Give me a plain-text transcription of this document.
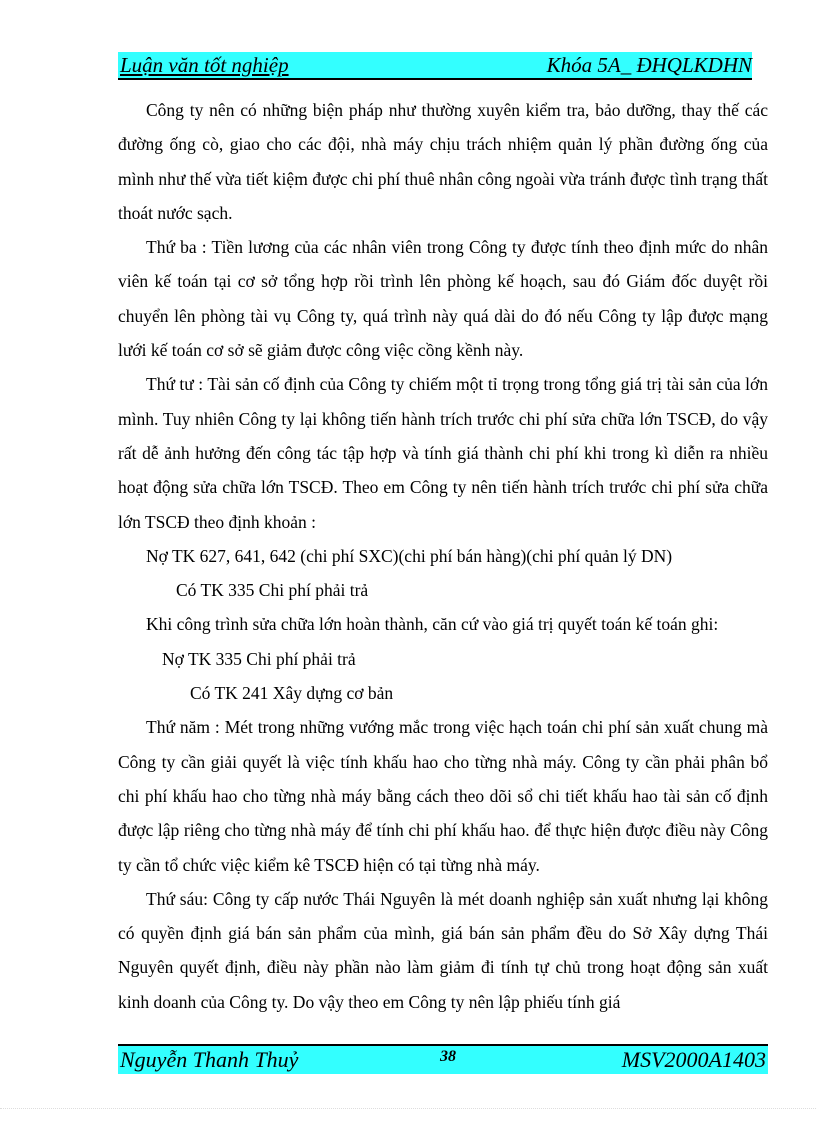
Luận văn tốt nghiệp	Khóa 5A_ ĐHQLKDHN

Công ty nên có những biện pháp như thường xuyên kiểm tra, bảo dưỡng, thay thế các đường ống cò, giao cho các đội, nhà máy chịu trách nhiệm quản lý phần đường ống của mình như thế vừa tiết kiệm được chi phí thuê nhân công ngoài vừa tránh được tình trạng thất thoát nước sạch.

Thứ ba : Tiền lương của các nhân viên trong Công ty được tính theo định mức do nhân viên kế toán tại cơ sở tổng hợp rồi trình lên phòng kế hoạch, sau đó Giám đốc duyệt rồi chuyển lên phòng tài vụ Công ty, quá trình này quá dài do đó nếu Công ty lập được mạng lưới kế toán cơ sở sẽ giảm được công việc cồng kềnh này.

Thứ tư : Tài sản cố định của Công ty chiếm một tỉ trọng trong tổng giá trị tài sản của lớn mình. Tuy nhiên Công ty lại không tiến hành trích trước chi phí sửa chữa lớn TSCĐ, do vậy rất dễ ảnh hưởng đến công tác tập hợp và tính giá thành chi phí khi trong kì diễn ra nhiều hoạt động sửa chữa lớn TSCĐ. Theo em Công ty nên tiến hành trích trước chi phí sửa chữa lớn TSCĐ theo định khoản :

Nợ TK 627, 641, 642 (chi phí SXC)(chi phí bán hàng)(chi phí quản lý DN)

Có TK 335 Chi phí phải trả

Khi công trình sửa chữa lớn hoàn thành, căn cứ vào giá trị quyết toán kế toán ghi:

Nợ TK 335 Chi phí phải trả

Có TK 241 Xây dựng cơ bản

Thứ năm : Mét trong những vướng mắc trong việc hạch toán chi phí sản xuất chung mà Công ty cần giải quyết là việc tính khấu hao cho từng nhà máy. Công ty cần phải phân bổ chi phí khấu hao cho từng nhà máy bằng cách theo dõi sổ chi tiết khấu hao tài sản cố định được lập riêng cho từng nhà máy để tính chi phí khấu hao. để thực hiện được điều này Công ty cần tổ chức việc kiểm kê TSCĐ hiện có tại từng nhà máy.

Thứ sáu: Công ty cấp nước Thái Nguyên là mét doanh nghiệp sản xuất nhưng lại không có quyền định giá bán sản phẩm của mình, giá bán sản phẩm đều do Sở Xây dựng Thái Nguyên quyết định, điều này phần nào làm giảm đi tính tự chủ trong hoạt động sản xuất kinh doanh của Công ty. Do vậy theo em Công ty nên lập phiếu tính giá

Nguyễn Thanh Thuỷ	38	MSV2000A1403
